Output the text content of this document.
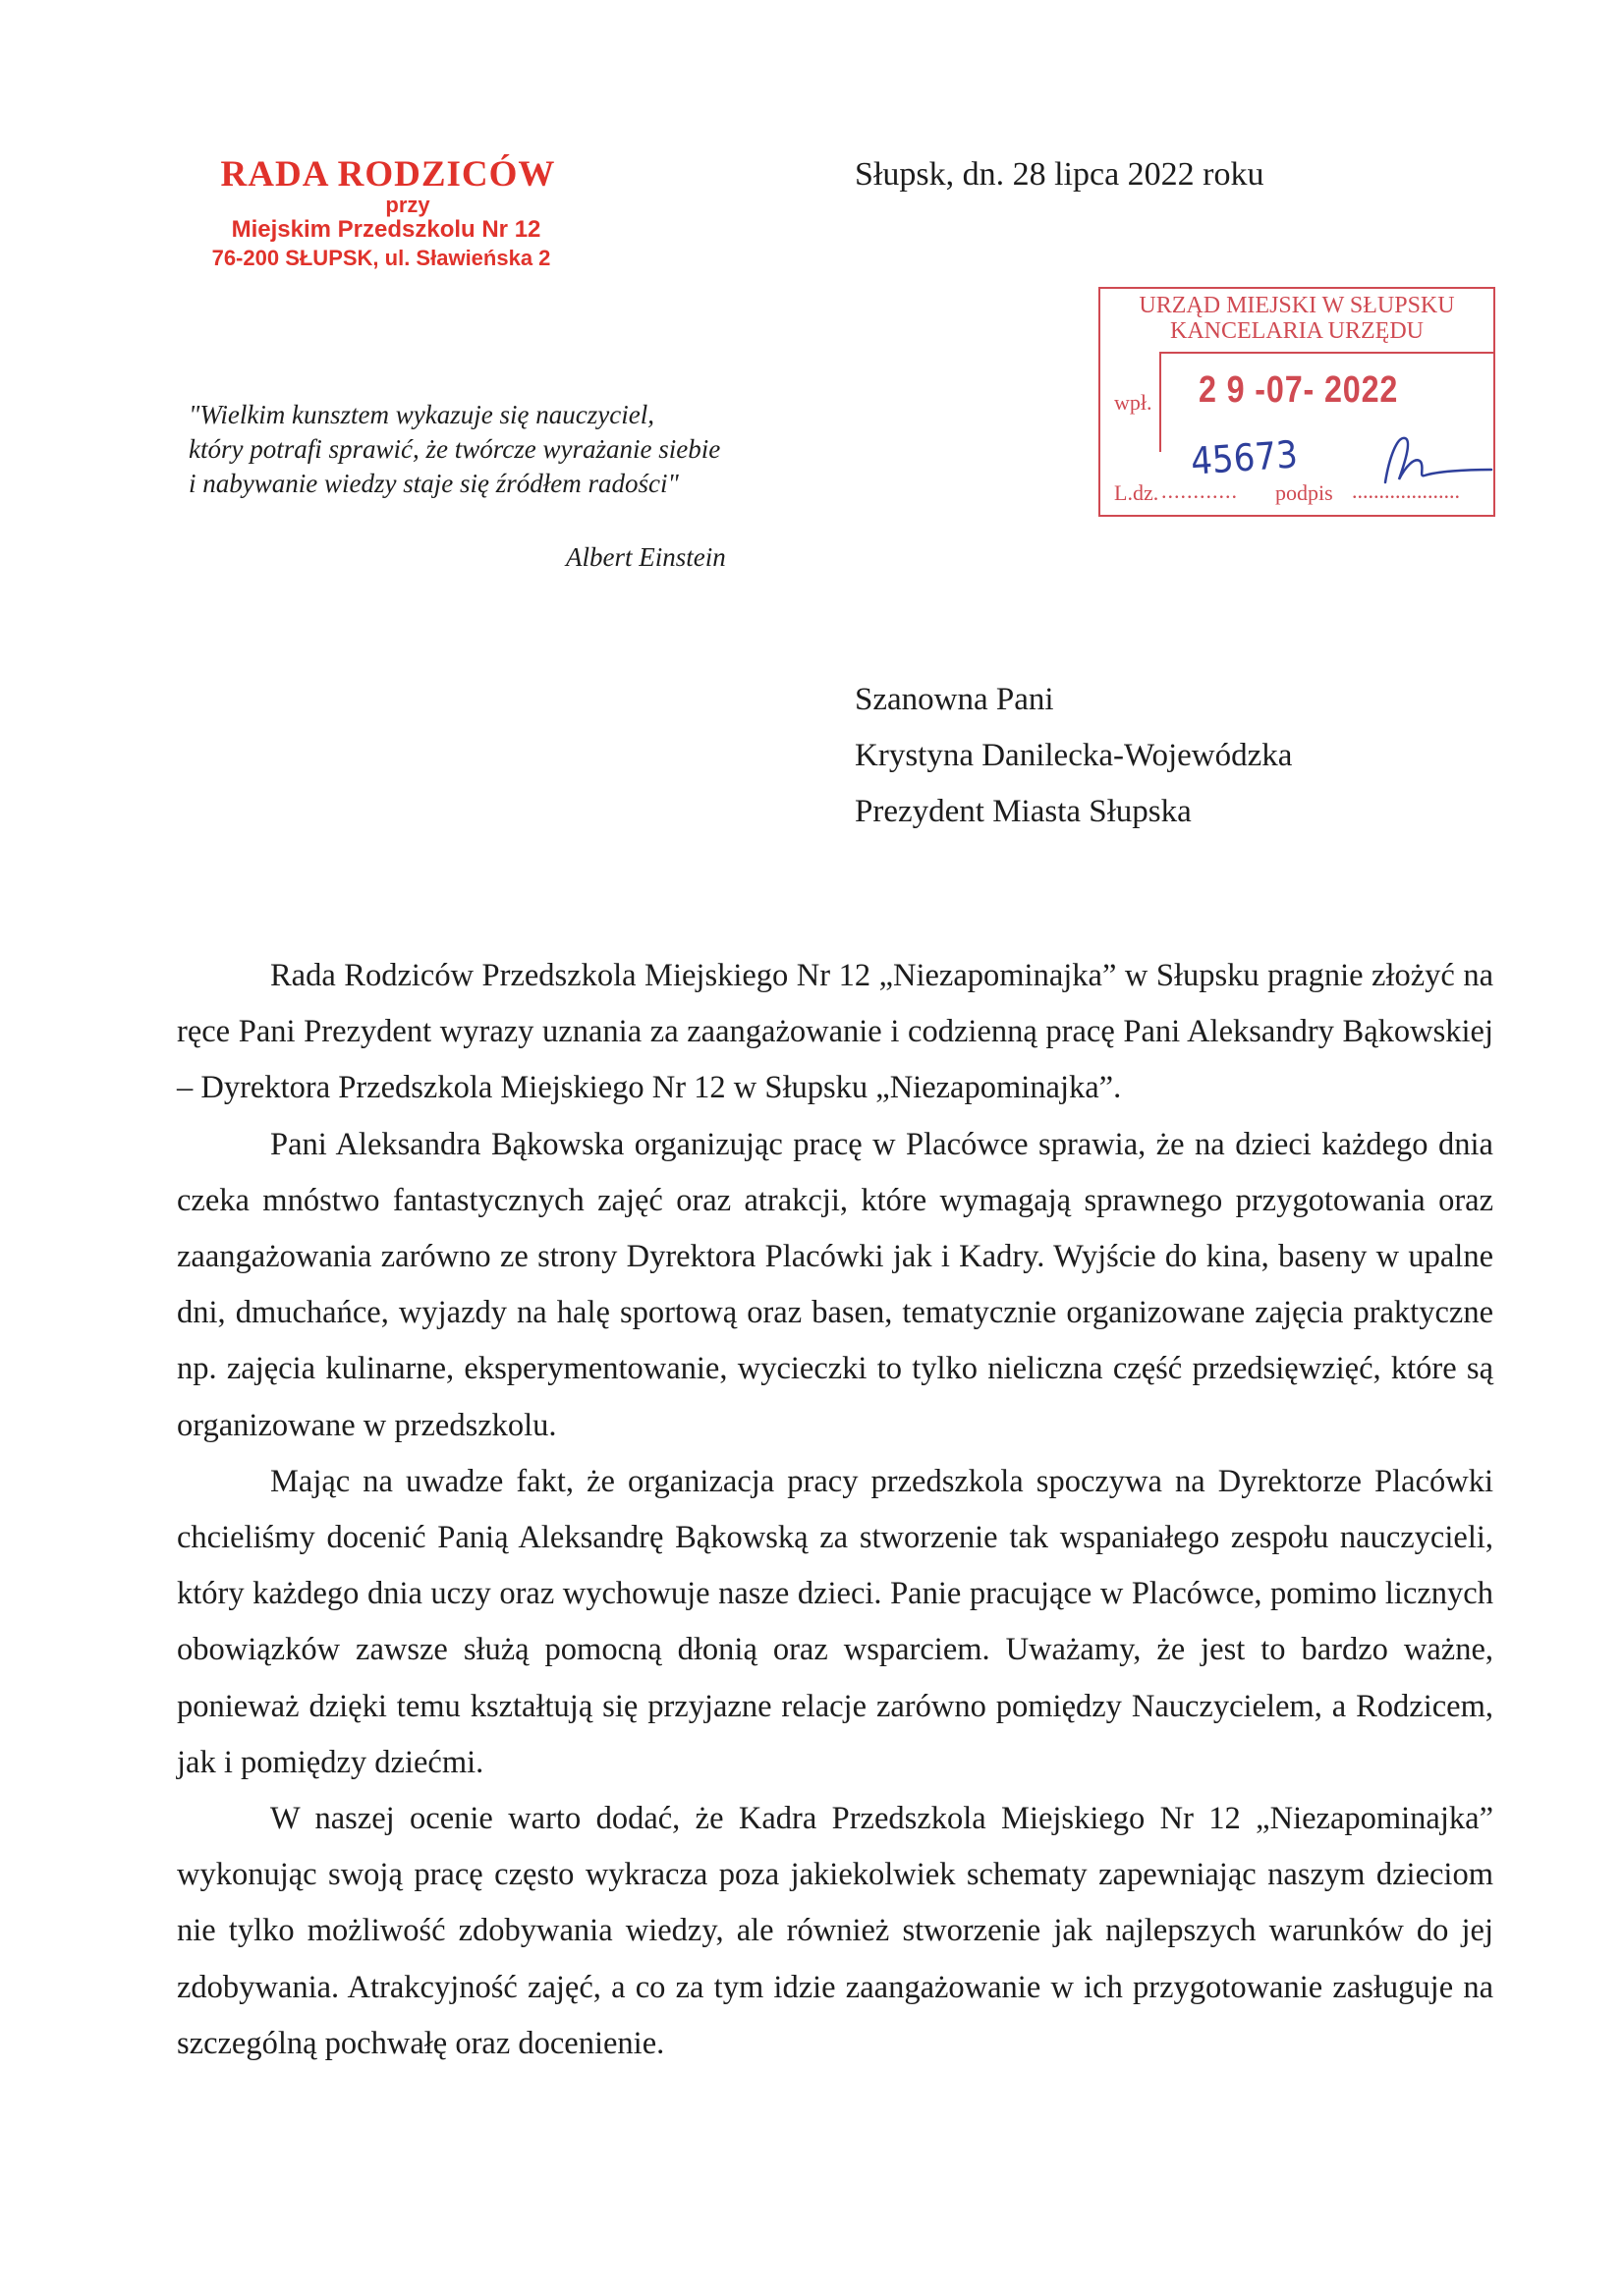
RADA RODZICÓW
przy
Miejskim Przedszkolu Nr 12
76-200 SŁUPSK, ul. Sławieńska 2
Słupsk, dn. 28 lipca 2022 roku
URZĄD MIEJSKI W SŁUPSKU
KANCELARIA URZĘDU
wpł. 2 9 -07- 2022
L.dz. ............ podpis ....................
45673
"Wielkim kunsztem wykazuje się nauczyciel,
który potrafi sprawić, że twórcze wyrażanie siebie
i nabywanie wiedzy staje się źródłem radości"
Albert Einstein
Szanowna Pani
Krystyna Danilecka-Wojewódzka
Prezydent Miasta Słupska

Rada Rodziców Przedszkola Miejskiego Nr 12 „Niezapominajka” w Słupsku pragnie złożyć na ręce Pani Prezydent wyrazy uznania za zaangażowanie i codzienną pracę Pani Aleksandry Bąkowskiej – Dyrektora Przedszkola Miejskiego Nr 12 w Słupsku „Niezapominajka”.

Pani Aleksandra Bąkowska organizując pracę w Placówce sprawia, że na dzieci każdego dnia czeka mnóstwo fantastycznych zajęć oraz atrakcji, które wymagają sprawnego przygotowania oraz zaangażowania zarówno ze strony Dyrektora Placówki jak i Kadry. Wyjście do kina, baseny w upalne dni, dmuchańce, wyjazdy na halę sportową oraz basen, tematycznie organizowane zajęcia praktyczne np. zajęcia kulinarne, eksperymentowanie, wycieczki to tylko nieliczna część przedsięwzięć, które są organizowane w przedszkolu.

Mając na uwadze fakt, że organizacja pracy przedszkola spoczywa na Dyrektorze Placówki chcieliśmy docenić Panią Aleksandrę Bąkowską za stworzenie tak wspaniałego zespołu nauczycieli, który każdego dnia uczy oraz wychowuje nasze dzieci. Panie pracujące w Placówce, pomimo licznych obowiązków zawsze służą pomocną dłonią oraz wsparciem. Uważamy, że jest to bardzo ważne, ponieważ dzięki temu kształtują się przyjazne relacje zarówno pomiędzy Nauczycielem, a Rodzicem, jak i pomiędzy dziećmi.

W naszej ocenie warto dodać, że Kadra Przedszkola Miejskiego Nr 12 „Niezapominajka” wykonując swoją pracę często wykracza poza jakiekolwiek schematy zapewniając naszym dzieciom nie tylko możliwość zdobywania wiedzy, ale również stworzenie jak najlepszych warunków do jej zdobywania. Atrakcyjność zajęć, a co za tym idzie zaangażowanie w ich przygotowanie zasługuje na szczególną pochwałę oraz docenienie.
